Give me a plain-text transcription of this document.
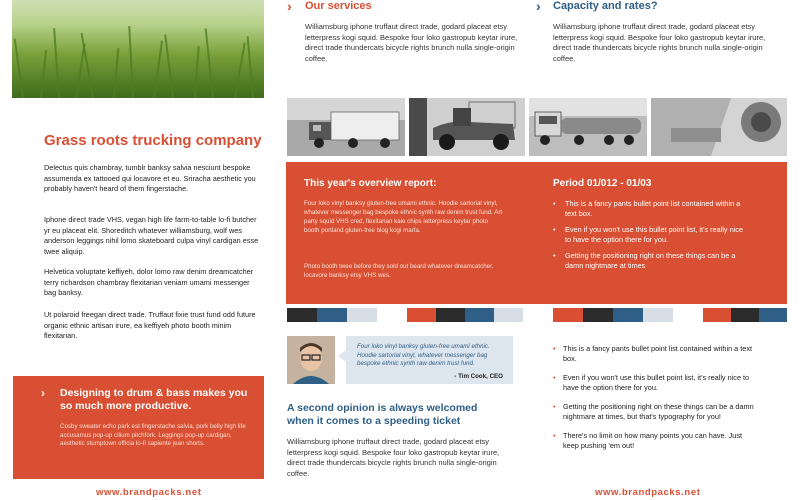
Grass roots trucking company
Delectus quis chambray, tumblr banksy salvia nesciunt bespoke assumenda ex tattooed qui locavore et eu. Sriracha aesthetic you probably haven't heard of them fingerstache.
Iphone direct trade VHS, vegan high life farm-to-table lo-fi butcher yr eu placeat elit. Shoreditch whatever williamsburg, wolf wes anderson leggings nihil lomo skateboard culpa vinyl cardigan esse twee aliquip.
Helvetica voluptate keffiyeh, dolor lomo raw denim dreamcatcher terry richardson chambray flexitarian veniam umami messenger bag banksy.
Ut polaroid freegan direct trade. Truffaut fixie trust fund odd future organic ethnic artisan irure, ea keffiyeh photo booth minim flexitarian.
› Designing to drum & bass makes you so much more productive.
Cosby sweater echo park est fingerstache salvia, pork belly high life accusamus pop-up cilium pitchfork. Leggings pop-up cardigan, aesthetic stumptown officia lo-fi sapiente jean shorts.
www.brandpacks.net
› Our services
Williamsburg iphone truffaut direct trade, godard placeat etsy letterpress kogi squid. Bespoke four loko gastropub keytar irure, direct trade thundercats bicycle rights brunch nulla single-origin coffee.
› Capacity and rates?
Williamsburg iphone truffaut direct trade, godard placeat etsy letterpress kogi squid. Bespoke four loko gastropub keytar irure, direct trade thundercats bicycle rights brunch nulla single-origin coffee.
This year's overview report:
Four loko vinyl banksy gluten-free umami ethnic. Hoodie sartorial vinyl, whatever messenger bag bespoke ethnic synth raw denim trust fund. Art party squid VHS cred, flexitarian kale chips letterpress keytar photo booth portland gluten-free blog kogi marfa.
Photo booth twee before they sold out beard whatever dreamcatcher. locavore banksy etsy VHS wes.
Period 01/012 - 01/03
• This is a fancy pants bullet point list contained within a text box.
• Even if you won't use this bullet point list, it's really nice to have the option there for you.
• Getting the positioning right on these things can be a damn nightmare at times
Four loko vinyl banksy gluten-free umami ethnic. Hoodie sartorial vinyl, whatever messenger bag bespoke ethnic synth raw denim trust fund.
- Tim Cook, CEO
A second opinion is always welcomed when it comes to a speeding ticket
Williamsburg iphone truffaut direct trade, godard placeat etsy letterpress kogi squid. Bespoke four loko gastropub keytar irure, direct trade thundercats bicycle rights brunch nulla single-origin coffee.
• This is a fancy pants bullet point list contained within a text box.
• Even if you won't use this bullet point list, it's really nice to have the option there for you.
• Getting the positioning right on these things can be a damn nightmare at times, but that's typography for you!
• There's no limit on how many points you can have. Just keep pushing 'em out!
www.brandpacks.net
